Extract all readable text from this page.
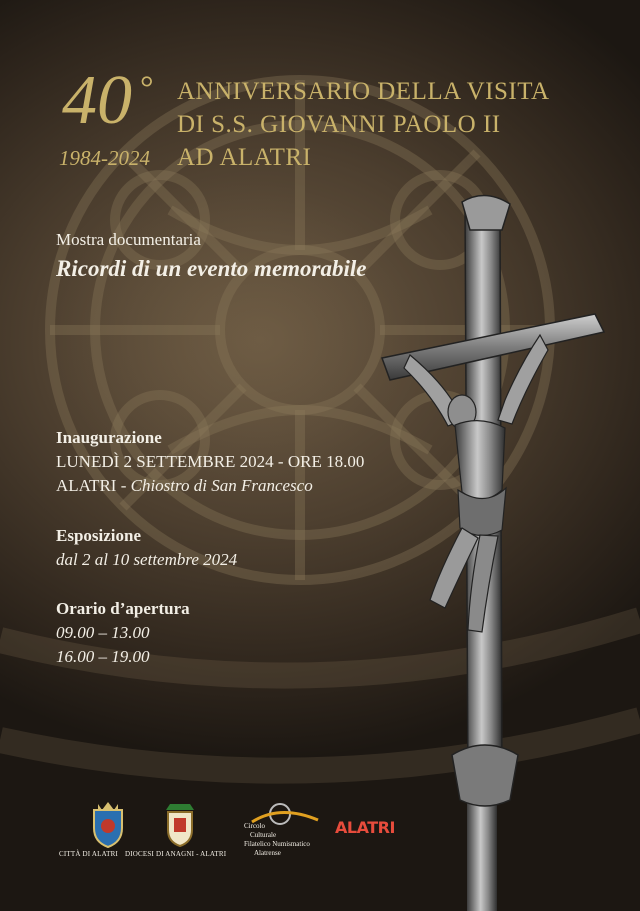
40 °
1984-2024
ANNIVERSARIO DELLA VISITA
DI S.S. GIOVANNI PAOLO II
AD ALATRI
Mostra documentaria
Ricordi di un evento memorabile
Inaugurazione
LUNEDÌ 2 SETTEMBRE 2024 - ORE 18.00
ALATRI - Chiostro di San Francesco
Esposizione
dal 2 al 10 settembre 2024
Orario d’apertura
09.00 – 13.00
16.00 – 19.00
CITTÀ DI ALATRI DIOCESI DI ANAGNI - ALATRI
Circolo
Culturale
Filatelico Numismatico
Alatrense
ALATRI
